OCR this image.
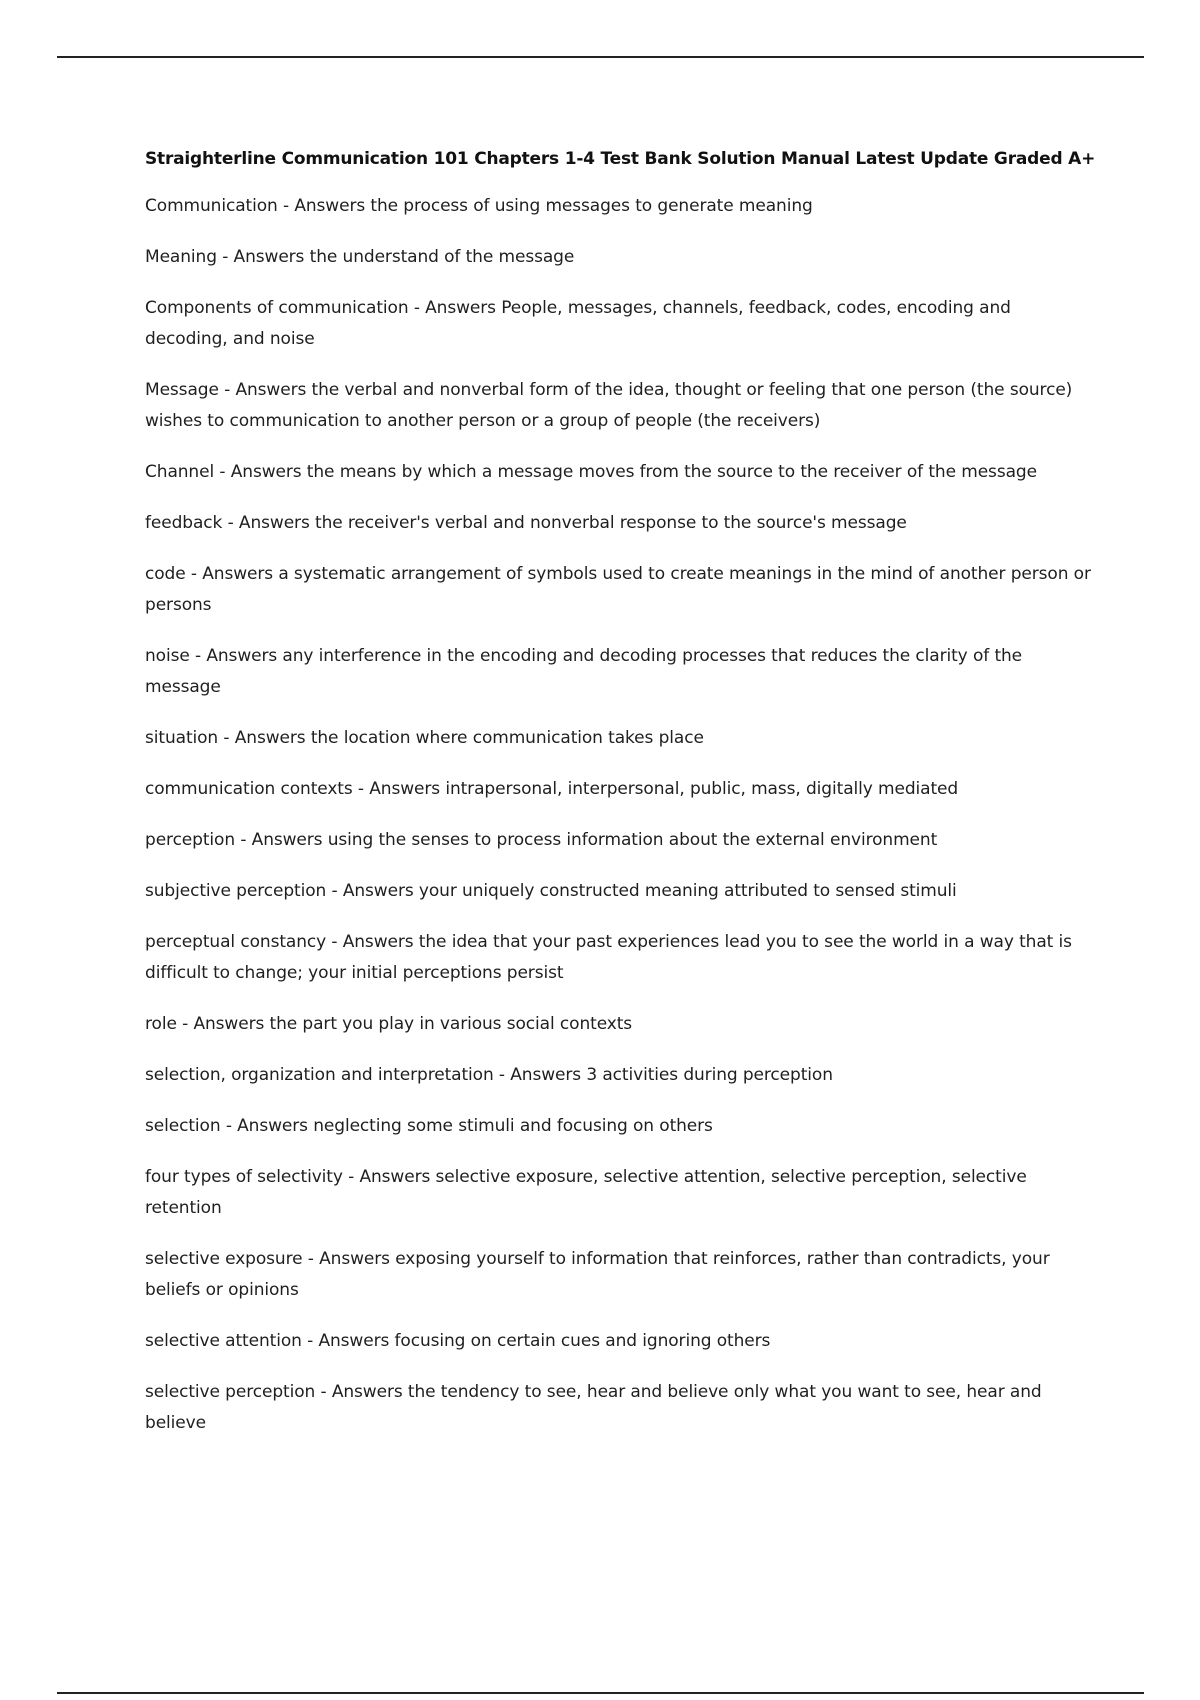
Straighterline Communication 101 Chapters 1-4 Test Bank Solution Manual Latest Update Graded A+

Communication - Answers the process of using messages to generate meaning

Meaning - Answers the understand of the message

Components of communication - Answers People, messages, channels, feedback, codes, encoding and decoding, and noise

Message - Answers the verbal and nonverbal form of the idea, thought or feeling that one person (the source) wishes to communication to another person or a group of people (the receivers)

Channel - Answers the means by which a message moves from the source to the receiver of the message

feedback - Answers the receiver's verbal and nonverbal response to the source's message

code - Answers a systematic arrangement of symbols used to create meanings in the mind of another person or persons

noise - Answers any interference in the encoding and decoding processes that reduces the clarity of the message

situation - Answers the location where communication takes place

communication contexts - Answers intrapersonal, interpersonal, public, mass, digitally mediated

perception - Answers using the senses to process information about the external environment

subjective perception - Answers your uniquely constructed meaning attributed to sensed stimuli

perceptual constancy - Answers the idea that your past experiences lead you to see the world in a way that is difficult to change; your initial perceptions persist

role - Answers the part you play in various social contexts

selection, organization and interpretation - Answers 3 activities during perception

selection - Answers neglecting some stimuli and focusing on others

four types of selectivity - Answers selective exposure, selective attention, selective perception, selective retention

selective exposure - Answers exposing yourself to information that reinforces, rather than contradicts, your beliefs or opinions

selective attention - Answers focusing on certain cues and ignoring others

selective perception - Answers the tendency to see, hear and believe only what you want to see, hear and believe
